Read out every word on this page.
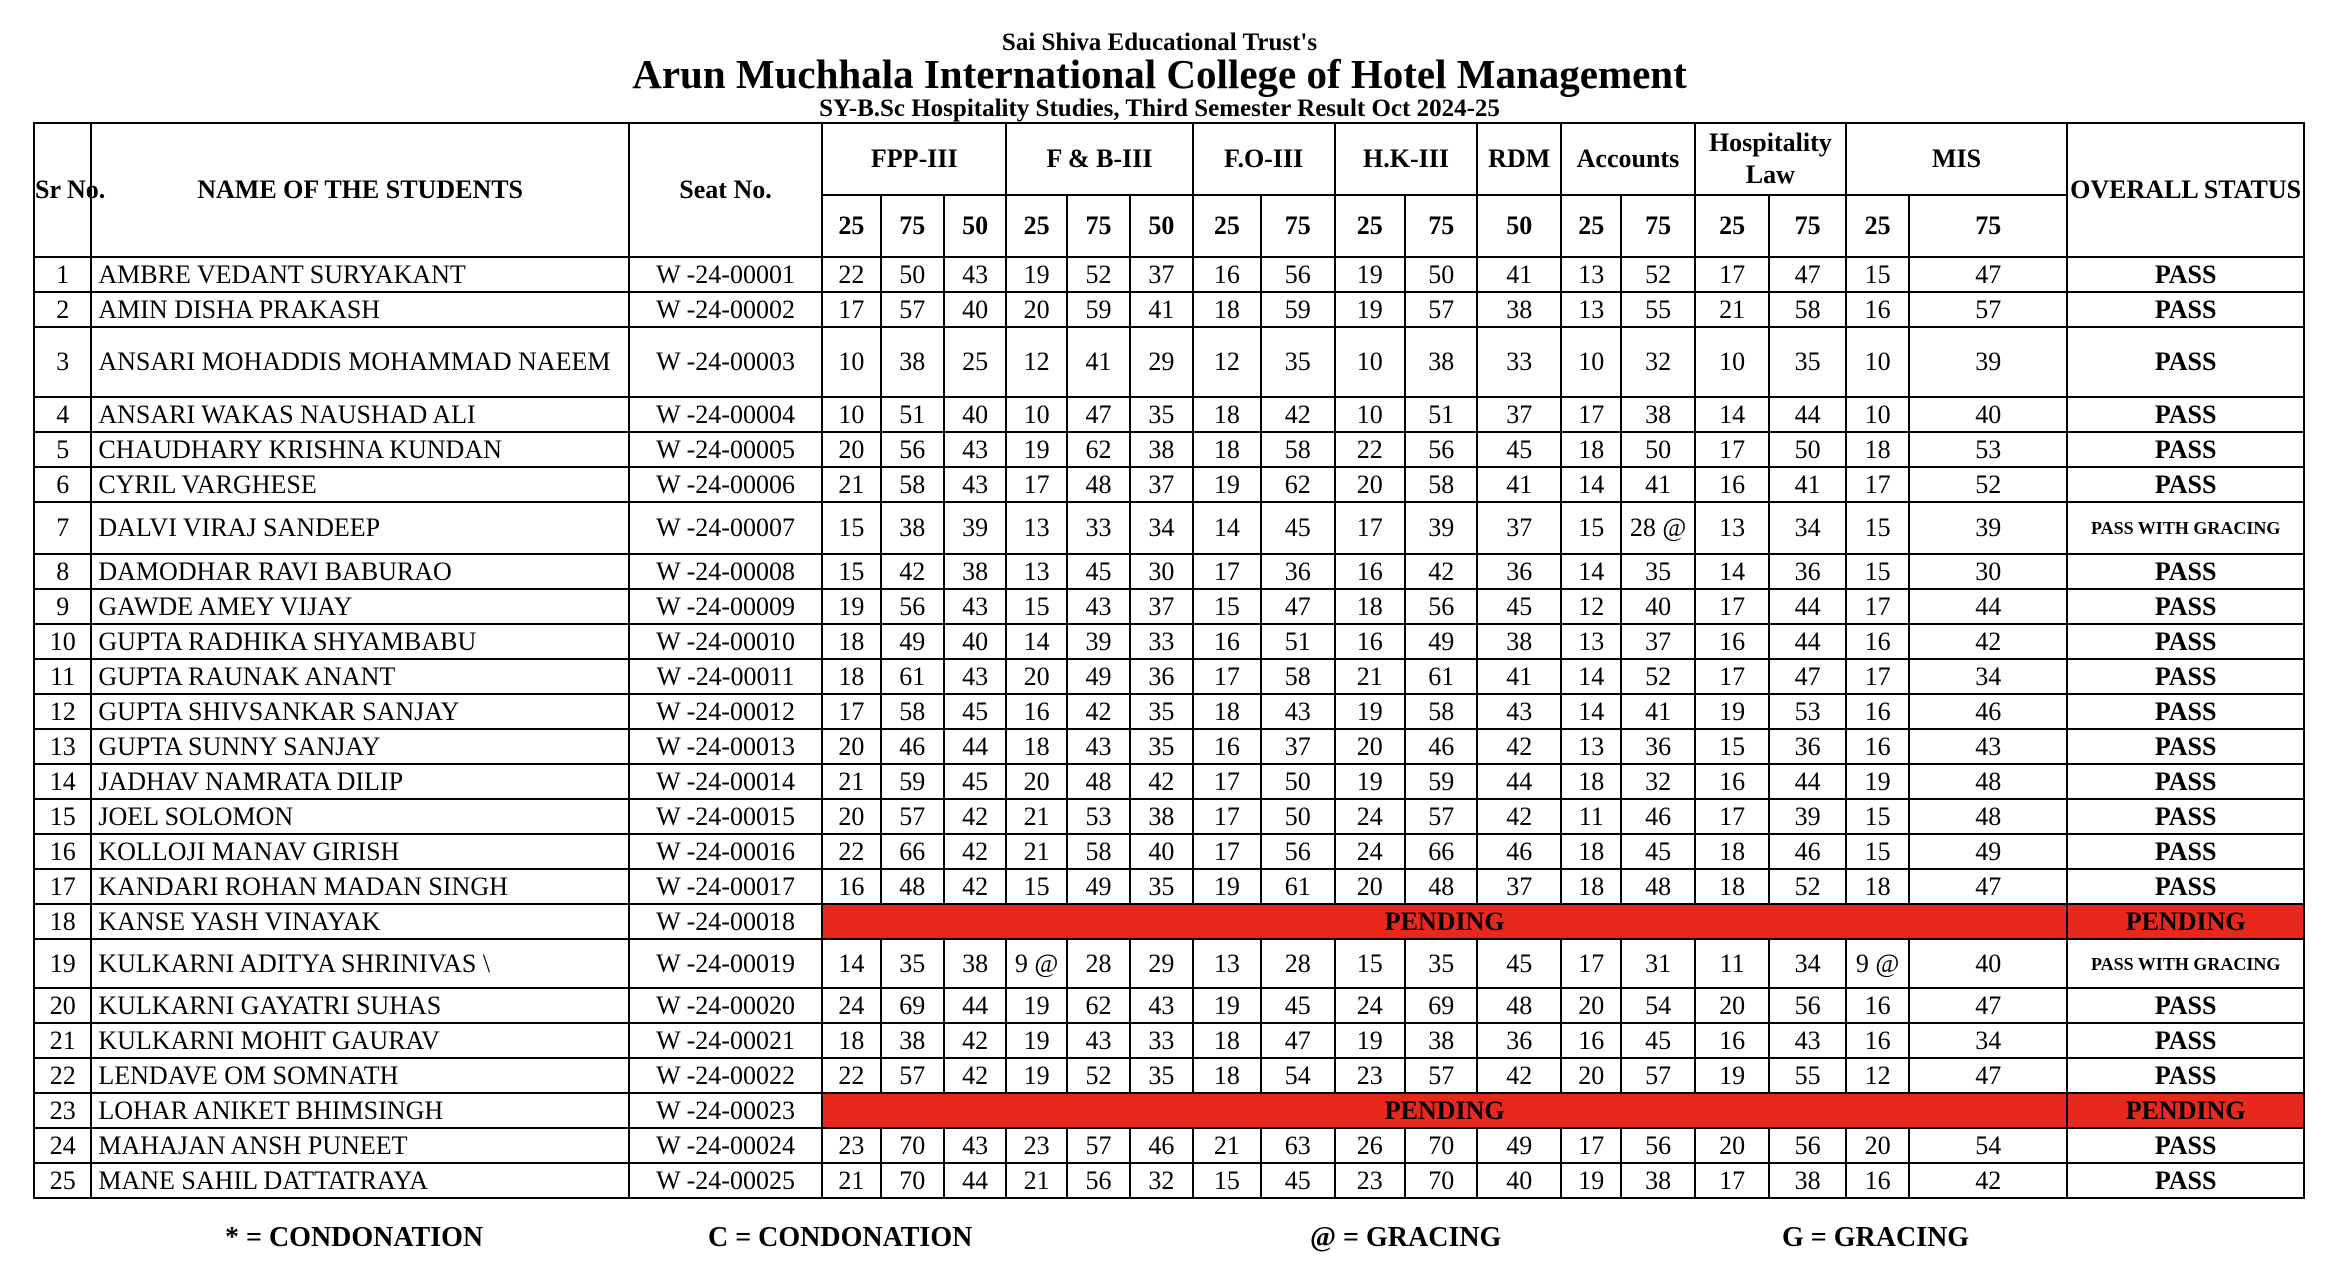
Sai Shiva Educational Trust's
Arun Muchhala International College of Hotel Management
SY-B.Sc Hospitality Studies, Third Semester Result Oct 2024-25
Sr No.	NAME OF THE STUDENTS	Seat No.	FPP-III			F & B-III			F.O-III		H.K-III		RDM	Accounts		Hospitality Law		MIS		OVERALL STATUS
			25	75	50	25	75	50	25	75	25	75	50	25	75	25	75	25	75	
1	AMBRE VEDANT SURYAKANT	W -24-00001	22	50	43	19	52	37	16	56	19	50	41	13	52	17	47	15	47	PASS
2	AMIN DISHA PRAKASH	W -24-00002	17	57	40	20	59	41	18	59	19	57	38	13	55	21	58	16	57	PASS
3	ANSARI MOHADDIS MOHAMMAD NAEEM	W -24-00003	10	38	25	12	41	29	12	35	10	38	33	10	32	10	35	10	39	PASS
4	ANSARI WAKAS NAUSHAD ALI	W -24-00004	10	51	40	10	47	35	18	42	10	51	37	17	38	14	44	10	40	PASS
5	CHAUDHARY KRISHNA KUNDAN	W -24-00005	20	56	43	19	62	38	18	58	22	56	45	18	50	17	50	18	53	PASS
6	CYRIL VARGHESE	W -24-00006	21	58	43	17	48	37	19	62	20	58	41	14	41	16	41	17	52	PASS
7	DALVI VIRAJ SANDEEP	W -24-00007	15	38	39	13	33	34	14	45	17	39	37	15	28 @	13	34	15	39	PASS WITH GRACING
8	DAMODHAR RAVI BABURAO	W -24-00008	15	42	38	13	45	30	17	36	16	42	36	14	35	14	36	15	30	PASS
9	GAWDE AMEY VIJAY	W -24-00009	19	56	43	15	43	37	15	47	18	56	45	12	40	17	44	17	44	PASS
10	GUPTA RADHIKA SHYAMBABU	W -24-00010	18	49	40	14	39	33	16	51	16	49	38	13	37	16	44	16	42	PASS
11	GUPTA RAUNAK ANANT	W -24-00011	18	61	43	20	49	36	17	58	21	61	41	14	52	17	47	17	34	PASS
12	GUPTA SHIVSANKAR SANJAY	W -24-00012	17	58	45	16	42	35	18	43	19	58	43	14	41	19	53	16	46	PASS
13	GUPTA SUNNY SANJAY	W -24-00013	20	46	44	18	43	35	16	37	20	46	42	13	36	15	36	16	43	PASS
14	JADHAV NAMRATA DILIP	W -24-00014	21	59	45	20	48	42	17	50	19	59	44	18	32	16	44	19	48	PASS
15	JOEL SOLOMON	W -24-00015	20	57	42	21	53	38	17	50	24	57	42	11	46	17	39	15	48	PASS
16	KOLLOJI MANAV GIRISH	W -24-00016	22	66	42	21	58	40	17	56	24	66	46	18	45	18	46	15	49	PASS
17	KANDARI ROHAN MADAN SINGH	W -24-00017	16	48	42	15	49	35	19	61	20	48	37	18	48	18	52	18	47	PASS
18	KANSE YASH VINAYAK	W -24-00018	PENDING																	PENDING
19	KULKARNI ADITYA SHRINIVAS \	W -24-00019	14	35	38	9 @	28	29	13	28	15	35	45	17	31	11	34	9 @	40	PASS WITH GRACING
20	KULKARNI GAYATRI SUHAS	W -24-00020	24	69	44	19	62	43	19	45	24	69	48	20	54	20	56	16	47	PASS
21	KULKARNI MOHIT GAURAV	W -24-00021	18	38	42	19	43	33	18	47	19	38	36	16	45	16	43	16	34	PASS
22	LENDAVE OM SOMNATH	W -24-00022	22	57	42	19	52	35	18	54	23	57	42	20	57	19	55	12	47	PASS
23	LOHAR ANIKET BHIMSINGH	W -24-00023	PENDING																	PENDING
24	MAHAJAN ANSH PUNEET	W -24-00024	23	70	43	23	57	46	21	63	26	70	49	17	56	20	56	20	54	PASS
25	MANE SAHIL DATTATRAYA	W -24-00025	21	70	44	21	56	32	15	45	23	70	40	19	38	17	38	16	42	PASS
* = CONDONATION	C = CONDONATION	@ = GRACING	G = GRACING
